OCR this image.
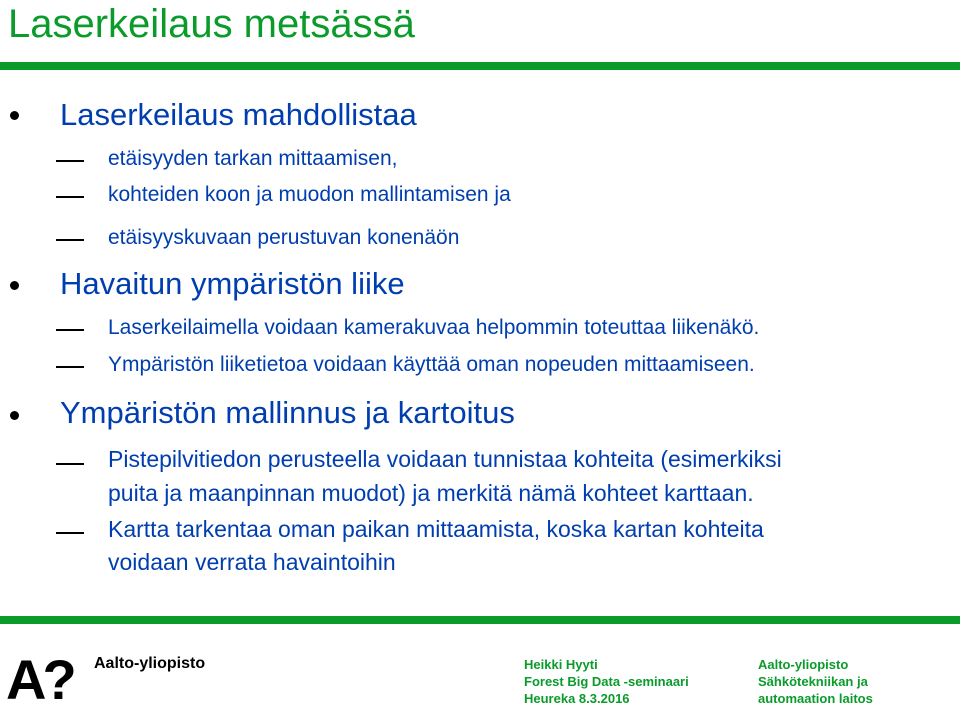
Laserkeilaus metsässä
Laserkeilaus mahdollistaa
etäisyyden tarkan mittaamisen,
kohteiden koon ja muodon mallintamisen ja
etäisyyskuvaan perustuvan konenäön
Havaitun ympäristön liike
Laserkeilaimella voidaan kamerakuvaa helpommin toteuttaa liikenäkö.
Ympäristön liiketietoa voidaan käyttää oman nopeuden mittaamiseen.
Ympäristön mallinnus ja kartoitus
Pistepilvitiedon perusteella voidaan tunnistaa kohteita (esimerkiksi
puita ja maanpinnan muodot) ja merkitä nämä kohteet karttaan.
Kartta tarkentaa oman paikan mittaamista, koska kartan kohteita
voidaan verrata havaintoihin
A? Aalto-yliopisto	Heikki Hyyti
Forest Big Data -seminaari
Heureka 8.3.2016
Aalto-yliopisto
Sähkötekniikan ja
automaation laitos
